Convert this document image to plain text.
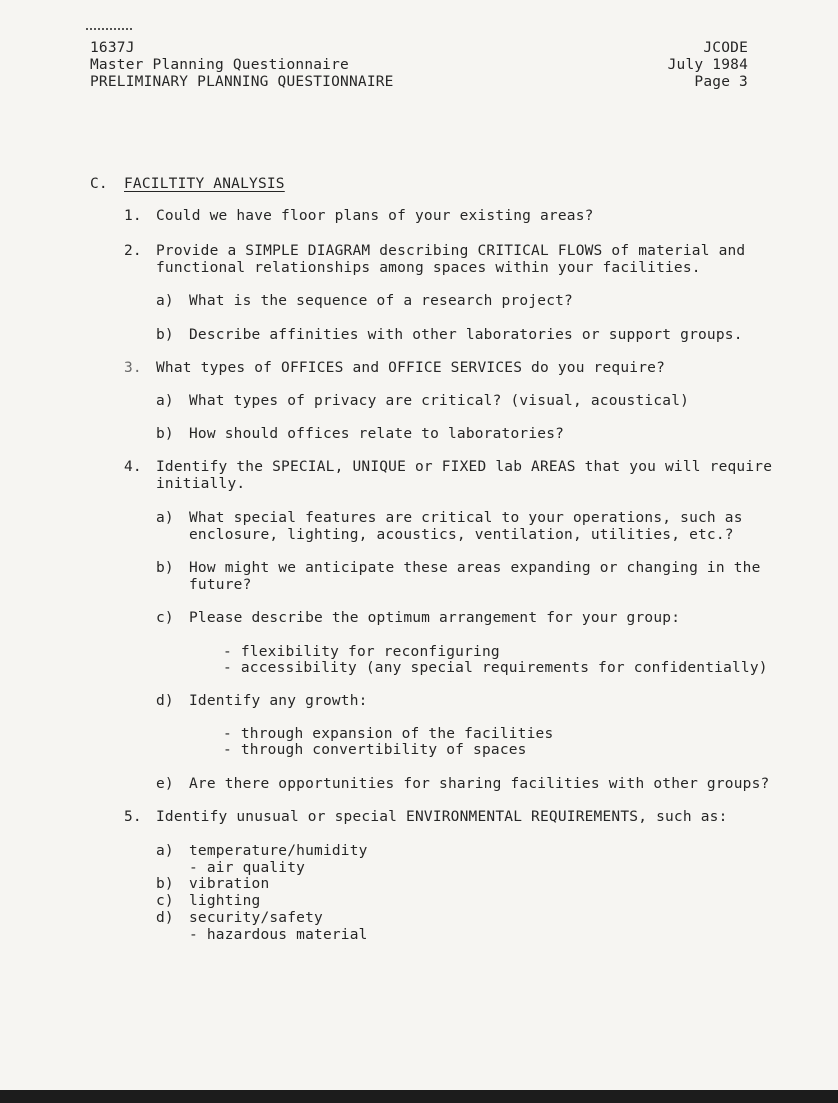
1637J
Master Planning Questionnaire
PRELIMINARY PLANNING QUESTIONNAIRE
JCODE
July 1984
Page 3
C. FACILTITY ANALYSIS
1. Could we have floor plans of your existing areas?
2. Provide a SIMPLE DIAGRAM describing CRITICAL FLOWS of material and
functional relationships among spaces within your facilities.
a) What is the sequence of a research project?
b) Describe affinities with other laboratories or support groups.
3. What types of OFFICES and OFFICE SERVICES do you require?
a) What types of privacy are critical? (visual, acoustical)
b) How should offices relate to laboratories?
4. Identify the SPECIAL, UNIQUE or FIXED lab AREAS that you will require
initially.
a) What special features are critical to your operations, such as
enclosure, lighting, acoustics, ventilation, utilities, etc.?
b) How might we anticipate these areas expanding or changing in the
future?
c) Please describe the optimum arrangement for your group:
- flexibility for reconfiguring
- accessibility (any special requirements for confidentially)
d) Identify any growth:
- through expansion of the facilities
- through convertibility of spaces
e) Are there opportunities for sharing facilities with other groups?
5. Identify unusual or special ENVIRONMENTAL REQUIREMENTS, such as:
a) temperature/humidity
- air quality
b) vibration
c) lighting
d) security/safety
- hazardous material
